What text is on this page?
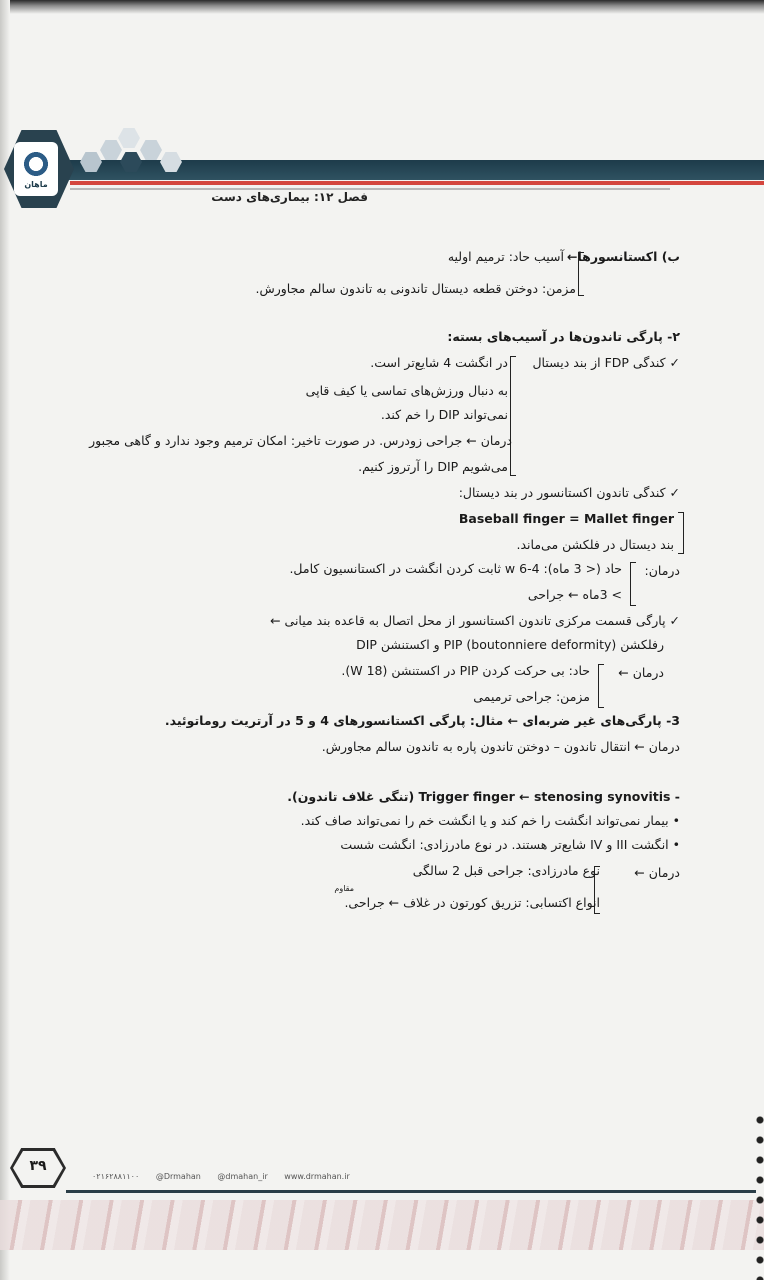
ماهان
فصل ۱۲: بیماری‌های دست
ب) اکستانسورها←
آسیب حاد: ترمیم اولیه
مزمن: دوختن قطعه دیستال تاندونی به تاندون سالم مجاورش.
۲- پارگی تاندون‌ها در آسیب‌های بسته:
✓ کندگی FDP از بند دیستال
در انگشت 4 شایع‌تر است.
به دنبال ورزش‌های تماسی یا کیف قاپی
نمی‌تواند DIP را خم کند.
درمان ← جراحی زودرس. در صورت تاخیر: امکان ترمیم وجود ندارد و گاهی مجبور
می‌شویم DIP را آرتروز کنیم.
✓ کندگی تاندون اکستانسور در بند دیستال:
Baseball finger = Mallet finger
بند دیستال در فلکشن می‌ماند.
درمان:
حاد (< 3 ماه): 4-6 w ثابت کردن انگشت در اکستانسیون کامل.
> 3ماه ← جراحی
✓ پارگی قسمت مرکزی تاندون اکستانسور از محل اتصال به قاعده بند میانی ←
رفلکشن PIP (boutonniere deformity) و اکستنشن DIP
درمان ←
حاد: بی حرکت کردن PIP در اکستنشن (18 W).
مزمن: جراحی ترمیمی
3- پارگی‌های غیر ضربه‌ای ← مثال: پارگی اکستانسورهای 4 و 5 در آرتریت روماتوئید.
درمان ← انتقال تاندون – دوختن تاندون پاره به تاندون سالم مجاورش.
- Trigger finger ← stenosing synovitis (تنگی غلاف تاندون).
• بیمار نمی‌تواند انگشت را خم کند و یا انگشت خم را نمی‌تواند صاف کند.
• انگشت III و IV شایع‌تر هستند. در نوع مادرزادی: انگشت شست
درمان ←
نوع مادرزادی: جراحی قبل 2 سالگی
مقاوم
انواع اکتسابی: تزریق کورتون در غلاف ← جراحی.
۳۹
۰۲۱۶۲۸۸۱۱۰۰ @Drmahan @dmahan_ir www.drmahan.ir
